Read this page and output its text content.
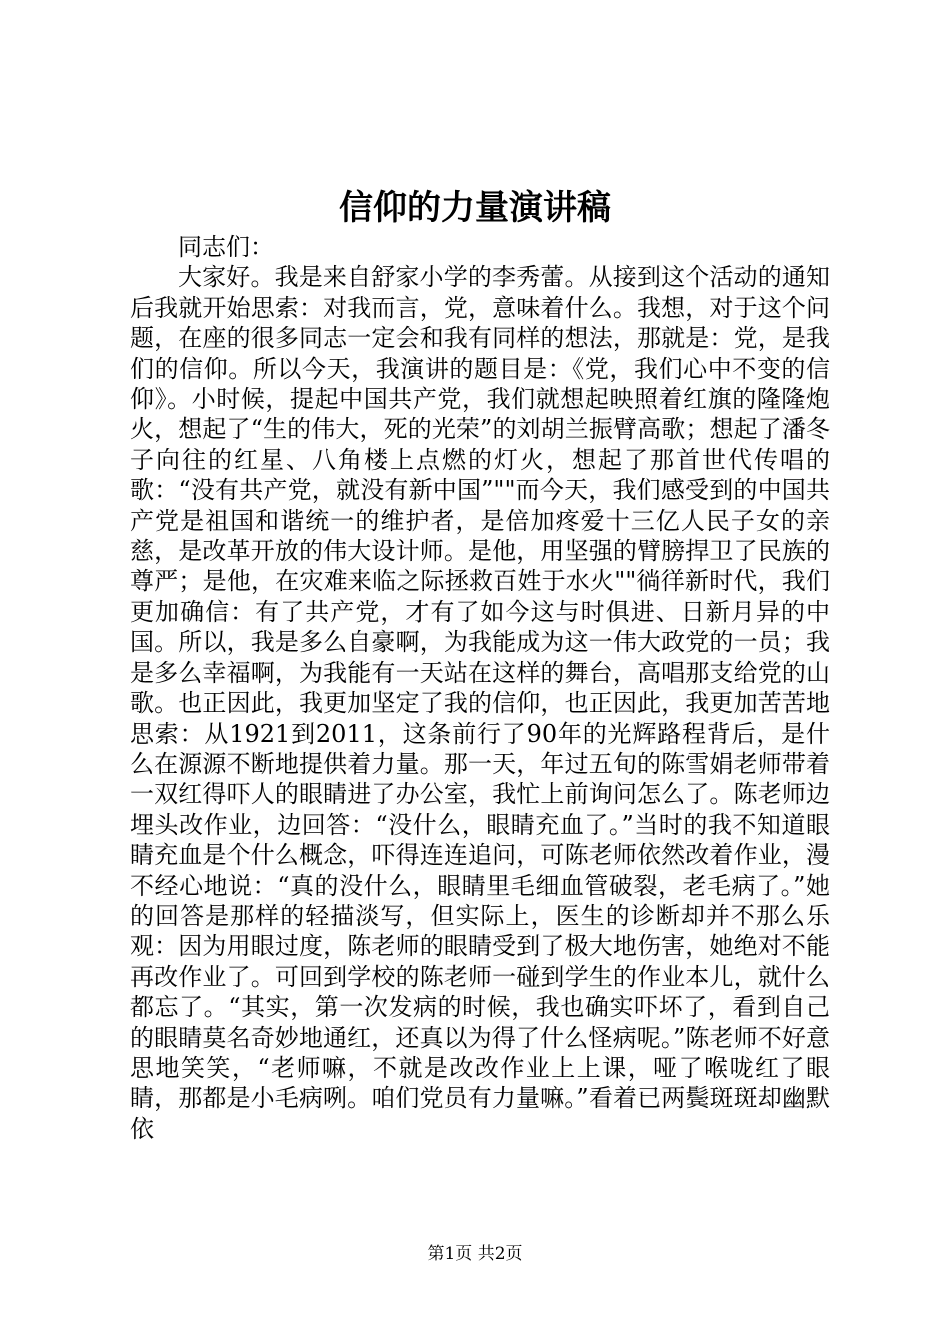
信仰的力量演讲稿

同志们：

大家好。我是来自舒家小学的李秀蕾。从接到这个活动的通知后我就开始思索：对我而言，党，意味着什么。我想，对于这个问题，在座的很多同志一定会和我有同样的想法，那就是：党，是我们的信仰。所以今天，我演讲的题目是：《党，我们心中不变的信仰》。小时候，提起中国共产党，我们就想起映照着红旗的隆隆炮火，想起了“生的伟大，死的光荣”的刘胡兰振臂高歌；想起了潘冬子向往的红星、八角楼上点燃的灯火，想起了那首世代传唱的歌：“没有共产党，就没有新中国”""而今天，我们感受到的中国共产党是祖国和谐统一的维护者，是倍加疼爱十三亿人民子女的亲慈，是改革开放的伟大设计师。是他，用坚强的臂膀捍卫了民族的尊严；是他，在灾难来临之际拯救百姓于水火""徜徉新时代，我们更加确信：有了共产党，才有了如今这与时俱进、日新月异的中国。所以，我是多么自豪啊，为我能成为这一伟大政党的一员；我是多么幸福啊，为我能有一天站在这样的舞台，高唱那支给党的山歌。也正因此，我更加坚定了我的信仰，也正因此，我更加苦苦地思索：从1921到2011，这条前行了90年的光辉路程背后，是什么在源源不断地提供着力量。那一天，年过五旬的陈雪娟老师带着一双红得吓人的眼睛进了办公室，我忙上前询问怎么了。陈老师边埋头改作业，边回答：“没什么，眼睛充血了。”当时的我不知道眼睛充血是个什么概念，吓得连连追问，可陈老师依然改着作业，漫不经心地说：“真的没什么，眼睛里毛细血管破裂，老毛病了。”她的回答是那样的轻描淡写，但实际上，医生的诊断却并不那么乐观：因为用眼过度，陈老师的眼睛受到了极大地伤害，她绝对不能再改作业了。可回到学校的陈老师一碰到学生的作业本儿，就什么都忘了。“其实，第一次发病的时候，我也确实吓坏了，看到自己的眼睛莫名奇妙地通红，还真以为得了什么怪病呢。”陈老师不好意思地笑笑，“老师嘛，不就是改改作业上上课，哑了喉咙红了眼睛，那都是小毛病咧。咱们党员有力量嘛。”看着已两鬓斑斑却幽默依

第1页 共2页
